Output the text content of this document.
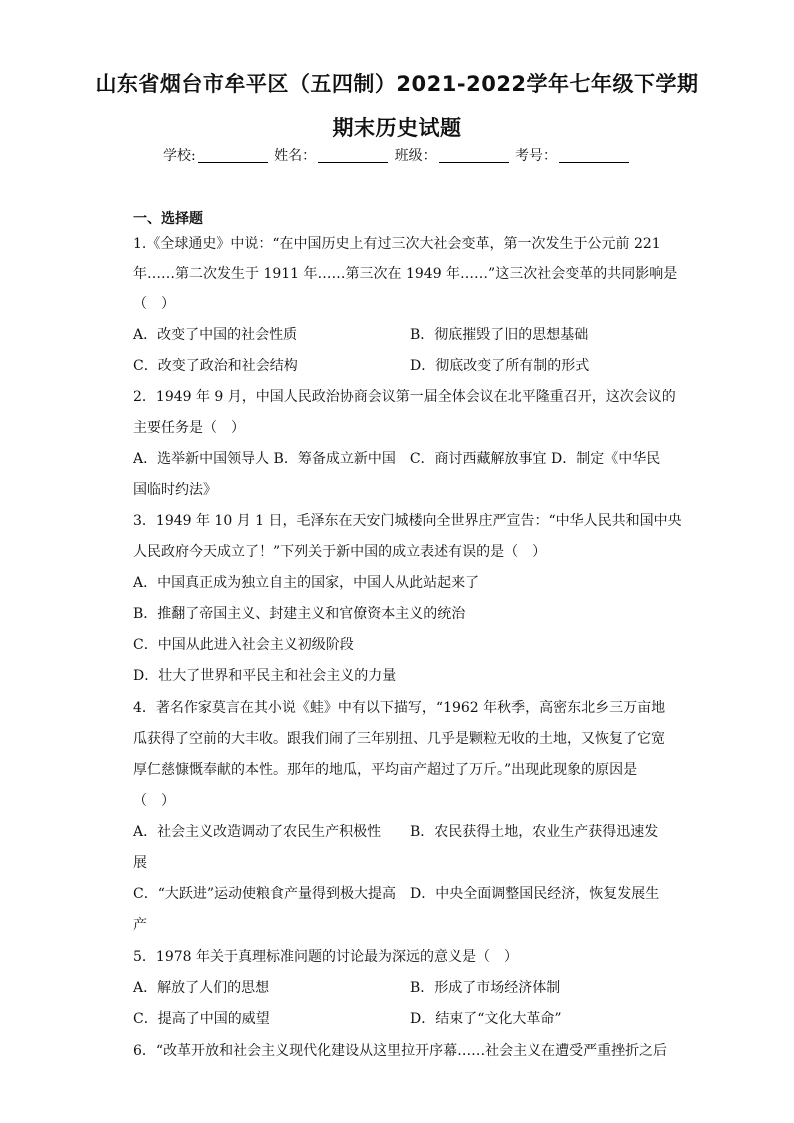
山东省烟台市牟平区（五四制）2021-2022学年七年级下学期
期末历史试题
学校:	姓名：	班级：	考号：
一、选择题
1.《全球通史》中说：“在中国历史上有过三次大社会变革，第一次发生于公元前 221
年……第二次发生于 1911 年……第三次在 1949 年……”这三次社会变革的共同影响是
（　）
A．改变了中国的社会性质	B．彻底摧毁了旧的思想基础
C．改变了政治和社会结构	D．彻底改变了所有制的形式
2．1949 年 9 月，中国人民政治协商会议第一届全体会议在北平隆重召开，这次会议的
主要任务是（　）
A．选举新中国领导人 B．筹备成立新中国　C．商讨西藏解放事宜 D．制定《中华民
国临时约法》
3．1949 年 10 月 1 日，毛泽东在天安门城楼向全世界庄严宣告：“中华人民共和国中央
人民政府今天成立了！”下列关于新中国的成立表述有误的是（　）
A．中国真正成为独立自主的国家，中国人从此站起来了
B．推翻了帝国主义、封建主义和官僚资本主义的统治
C．中国从此进入社会主义初级阶段
D．壮大了世界和平民主和社会主义的力量
4．著名作家莫言在其小说《蛙》中有以下描写，“1962 年秋季，高密东北乡三万亩地
瓜获得了空前的大丰收。跟我们闹了三年别扭、几乎是颗粒无收的土地，又恢复了它宽
厚仁慈慷慨奉献的本性。那年的地瓜，平均亩产超过了万斤。”出现此现象的原因是
（　）
A．社会主义改造调动了农民生产积极性 B．农民获得土地，农业生产获得迅速发
展
C．“大跃进”运动使粮食产量得到极大提高 D．中央全面调整国民经济，恢复发展生
产
5．1978 年关于真理标准问题的讨论最为深远的意义是（　）
A．解放了人们的思想	B．形成了市场经济体制
C．提高了中国的威望	D．结束了“文化大革命”
6．“改革开放和社会主义现代化建设从这里拉开序幕……社会主义在遭受严重挫折之后
